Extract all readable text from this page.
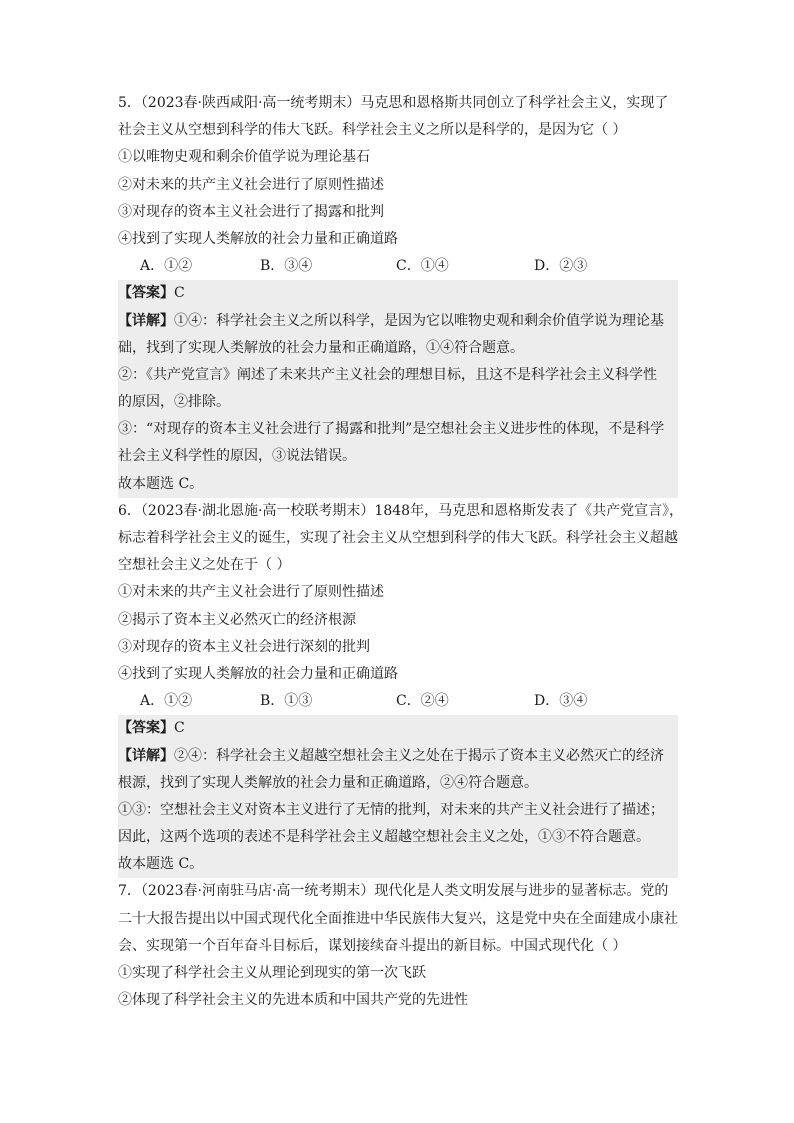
5．（2023春·陕西咸阳·高一统考期末）马克思和恩格斯共同创立了科学社会主义，实现了
社会主义从空想到科学的伟大飞跃。科学社会主义之所以是科学的，是因为它（ ）
①以唯物史观和剩余价值学说为理论基石
②对未来的共产主义社会进行了原则性描述
③对现存的资本主义社会进行了揭露和批判
④找到了实现人类解放的社会力量和正确道路
A．①②	B．③④	C．①④	D．②③
【答案】C
【详解】①④：科学社会主义之所以科学，是因为它以唯物史观和剩余价值学说为理论基
础，找到了实现人类解放的社会力量和正确道路，①④符合题意。
②：《共产党宣言》阐述了未来共产主义社会的理想目标，且这不是科学社会主义科学性
的原因，②排除。
③：“对现存的资本主义社会进行了揭露和批判”是空想社会主义进步性的体现，不是科学
社会主义科学性的原因，③说法错误。
故本题选 C。
6．（2023春·湖北恩施·高一校联考期末）1848年，马克思和恩格斯发表了《共产党宣言》，
标志着科学社会主义的诞生，实现了社会主义从空想到科学的伟大飞跃。科学社会主义超越
空想社会主义之处在于（ ）
①对未来的共产主义社会进行了原则性描述
②揭示了资本主义必然灭亡的经济根源
③对现存的资本主义社会进行深刻的批判
④找到了实现人类解放的社会力量和正确道路
A．①②	B．①③	C．②④	D．③④
【答案】C
【详解】②④：科学社会主义超越空想社会主义之处在于揭示了资本主义必然灭亡的经济
根源，找到了实现人类解放的社会力量和正确道路，②④符合题意。
①③：空想社会主义对资本主义进行了无情的批判，对未来的共产主义社会进行了描述；
因此，这两个选项的表述不是科学社会主义超越空想社会主义之处，①③不符合题意。
故本题选 C。
7．（2023春·河南驻马店·高一统考期末）现代化是人类文明发展与进步的显著标志。党的
二十大报告提出以中国式现代化全面推进中华民族伟大复兴，这是党中央在全面建成小康社
会、实现第一个百年奋斗目标后，谋划接续奋斗提出的新目标。中国式现代化（ ）
①实现了科学社会主义从理论到现实的第一次飞跃
②体现了科学社会主义的先进本质和中国共产党的先进性
